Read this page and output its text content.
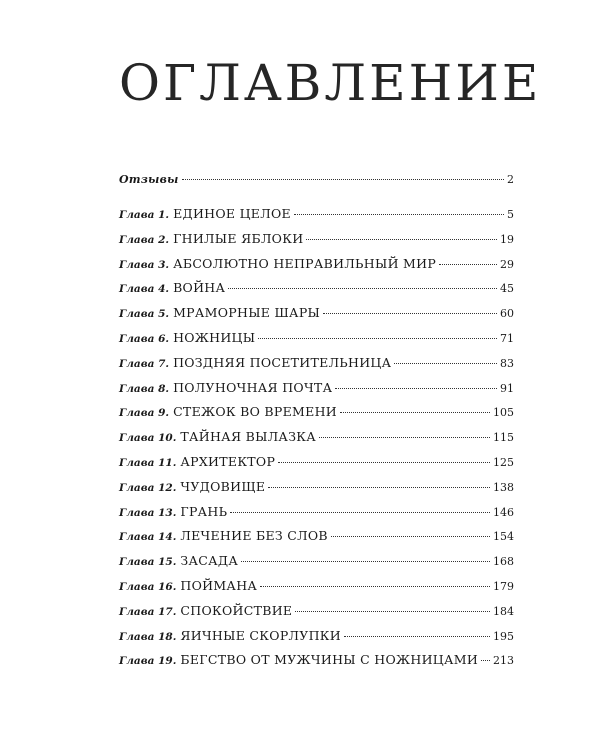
ОГЛАВЛЕНИЕ
Отзывы	2
Глава 1. ЕДИНОЕ ЦЕЛОЕ	5
Глава 2. ГНИЛЫЕ ЯБЛОКИ	19
Глава 3. АБСОЛЮТНО НЕПРАВИЛЬНЫЙ МИР	29
Глава 4. ВОЙНА	45
Глава 5. МРАМОРНЫЕ ШАРЫ	60
Глава 6. НОЖНИЦЫ	71
Глава 7. ПОЗДНЯЯ ПОСЕТИТЕЛЬНИЦА	83
Глава 8. ПОЛУНОЧНАЯ ПОЧТА	91
Глава 9. СТЕЖОК ВО ВРЕМЕНИ	105
Глава 10. ТАЙНАЯ ВЫЛАЗКА	115
Глава 11. АРХИТЕКТОР	125
Глава 12. ЧУДОВИЩЕ	138
Глава 13. ГРАНЬ	146
Глава 14. ЛЕЧЕНИЕ БЕЗ СЛОВ	154
Глава 15. ЗАСАДА	168
Глава 16. ПОЙМАНА	179
Глава 17. СПОКОЙСТВИЕ	184
Глава 18. ЯИЧНЫЕ СКОРЛУПКИ	195
Глава 19. БЕГСТВО ОТ МУЖЧИНЫ С НОЖНИЦАМИ 213
